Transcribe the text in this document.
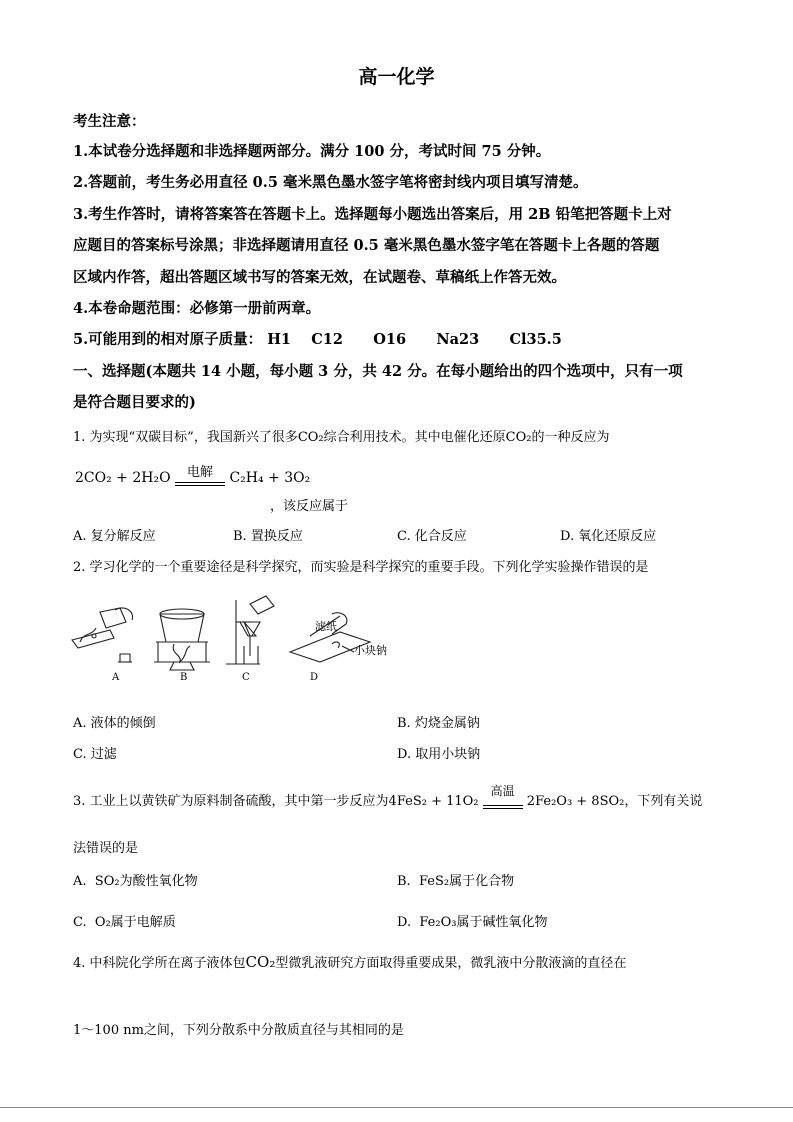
高一化学
考生注意：
1.本试卷分选择题和非选择题两部分。满分 100 分，考试时间 75 分钟。
2.答题前，考生务必用直径 0.5 毫米黑色墨水签字笔将密封线内项目填写清楚。
3.考生作答时，请将答案答在答题卡上。选择题每小题选出答案后，用 2B 铅笔把答题卡上对
应题目的答案标号涂黑；非选择题请用直径 0.5 毫米黑色墨水签字笔在答题卡上各题的答题
区域内作答，超出答题区域书写的答案无效，在试题卷、草稿纸上作答无效。
4.本卷命题范围：必修第一册前两章。
5.可能用到的相对原子质量： H1 C12 O16 Na23 Cl35.5
一、选择题(本题共 14 小题，每小题 3 分，共 42 分。在每小题给出的四个选项中，只有一项
是符合题目要求的)
1. 为实现“双碳目标”，我国新兴了很多CO₂综合利用技术。其中电催化还原CO₂的一种反应为
2CO₂ + 2H₂O	电解	C₂H₄ + 3O₂
，该反应属于
A. 复分解反应	B. 置换反应	C. 化合反应	D. 氧化还原反应
2. 学习化学的一个重要途径是科学探究，而实验是科学探究的重要手段。下列化学实验操作错误的是
滤纸
小块钠
A	B	C	D
A. 液体的倾倒	B. 灼烧金属钠
C. 过滤	D. 取用小块钠
3. 工业上以黄铁矿为原料制备硫酸，其中第一步反应为4FeS₂ + 11O₂
高温
2Fe₂O₃ + 8SO₂，下列有关说
法错误的是
A. SO₂为酸性氧化物	B. FeS₂属于化合物
C. O₂属于电解质	D. Fe₂O₃属于碱性氧化物
4. 中科院化学所在离子液体包CO₂型微乳液研究方面取得重要成果，微乳液中分散液滴的直径在
1～100 nm之间，下列分散系中分散质直径与其相同的是
